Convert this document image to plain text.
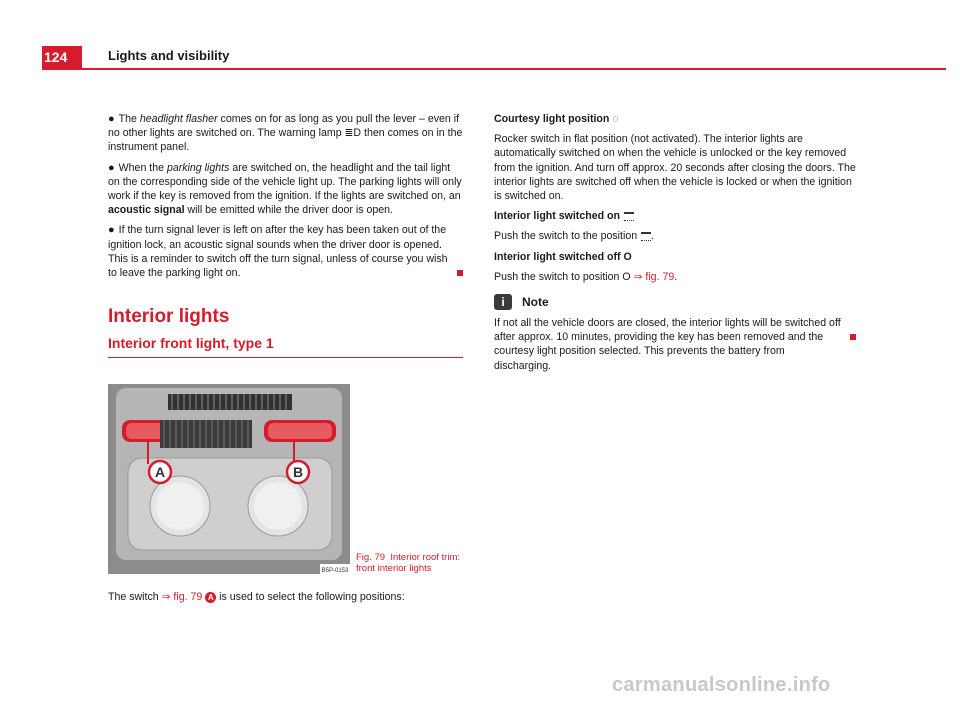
124	Lights and visibility

● The headlight flasher comes on for as long as you pull the lever – even if no other lights are switched on. The warning lamp ≣D then comes on in the instrument panel.

● When the parking lights are switched on, the headlight and the tail light on the corresponding side of the vehicle light up. The parking lights will only work if the key is removed from the ignition. If the lights are switched on, an acoustic signal will be emitted while the driver door is open.

● If the turn signal lever is left on after the key has been taken out of the ignition lock, an acoustic signal sounds when the driver door is opened. This is a reminder to switch off the turn signal, unless of course you wish to leave the parking light on.

Interior lights
Interior front light, type 1
A	B
B5P-0153
Fig. 79 Interior roof trim: front interior lights
The switch ⇒ fig. 79 A is used to select the following positions:
Courtesy light position ◌

Rocker switch in flat position (not activated). The interior lights are automatically switched on when the vehicle is unlocked or the key removed from the ignition. And turn off approx. 20 seconds after closing the doors. The interior lights are switched off when the vehicle is locked or when the ignition is switched on.

Interior light switched on

Push the switch to the position .

Interior light switched off O

Push the switch to position O ⇒ fig. 79.

i	Note

If not all the vehicle doors are closed, the interior lights will be switched off after approx. 10 minutes, providing the key has been removed and the courtesy light position selected. This prevents the battery from discharging.

carmanualsonline.info
